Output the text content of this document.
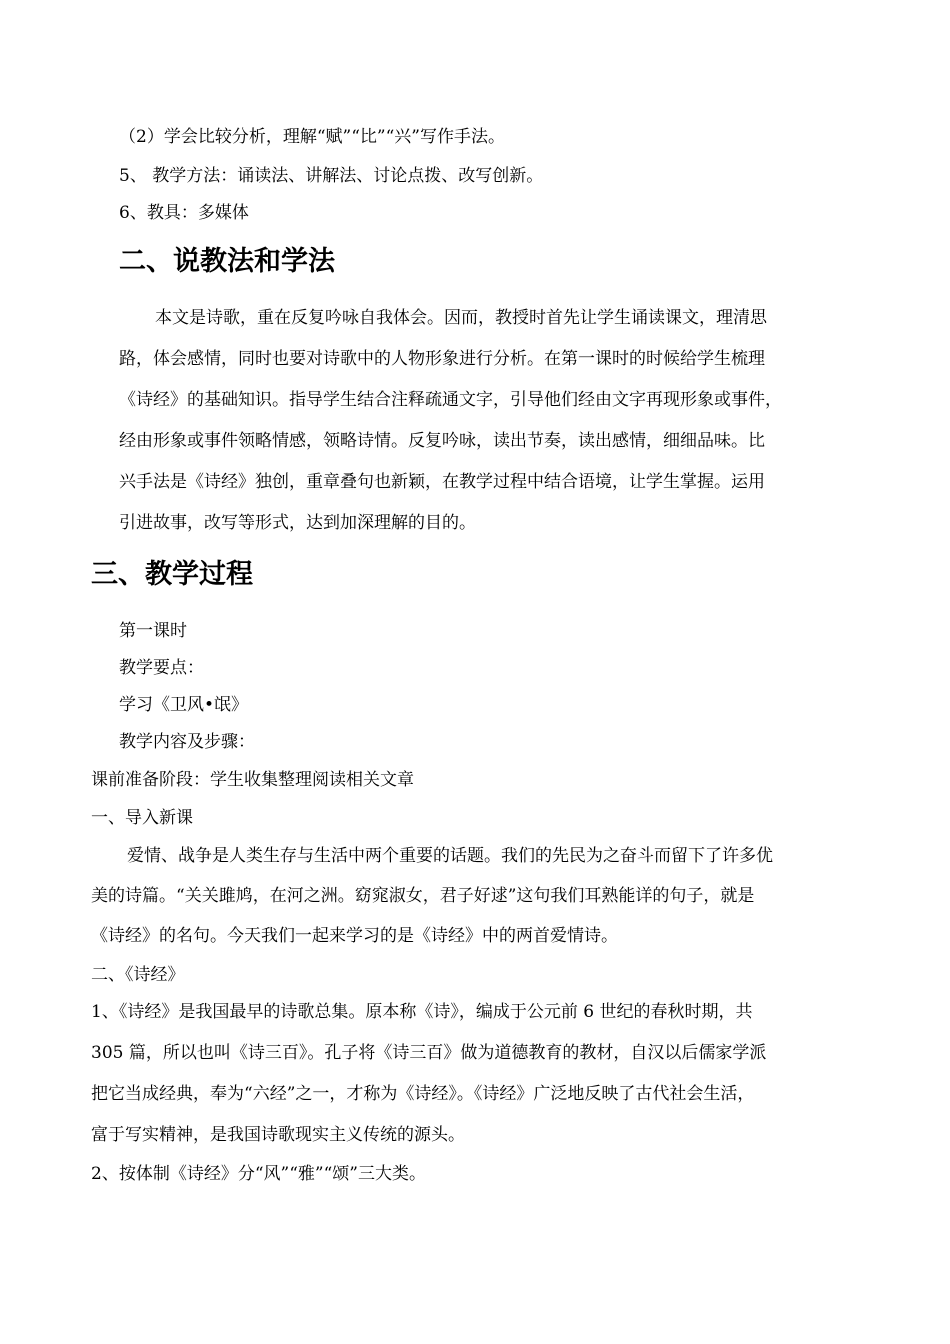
（2）学会比较分析，理解“赋”“比”“兴”写作手法。
5、 教学方法：诵读法、讲解法、讨论点拨、改写创新。
6、教具：多媒体
二、说教法和学法

本文是诗歌，重在反复吟咏自我体会。因而，教授时首先让学生诵读课文，理清思

路，体会感情，同时也要对诗歌中的人物形象进行分析。在第一课时的时候给学生梳理

《诗经》的基础知识。指导学生结合注释疏通文字，引导他们经由文字再现形象或事件，

经由形象或事件领略情感，领略诗情。反复吟咏，读出节奏，读出感情，细细品味。比

兴手法是《诗经》独创，重章叠句也新颖，在教学过程中结合语境，让学生掌握。运用

引进故事，改写等形式，达到加深理解的目的。

三、教学过程
第一课时
教学要点：
学习《卫风•氓》
教学内容及步骤：
课前准备阶段：学生收集整理阅读相关文章
一、导入新课

爱情、战争是人类生存与生活中两个重要的话题。我们的先民为之奋斗而留下了许多优

美的诗篇。“关关雎鸠，在河之洲。窈窕淑女，君子好逑”这句我们耳熟能详的句子，就是

《诗经》的名句。今天我们一起来学习的是《诗经》中的两首爱情诗。

二、《诗经》

1、《诗经》是我国最早的诗歌总集。原本称《诗》，编成于公元前 6 世纪的春秋时期，共

305 篇，所以也叫《诗三百》。孔子将《诗三百》做为道德教育的教材，自汉以后儒家学派

把它当成经典，奉为“六经”之一，才称为《诗经》。《诗经》广泛地反映了古代社会生活，

富于写实精神，是我国诗歌现实主义传统的源头。

2、按体制《诗经》分“风”“雅”“颂”三大类。
